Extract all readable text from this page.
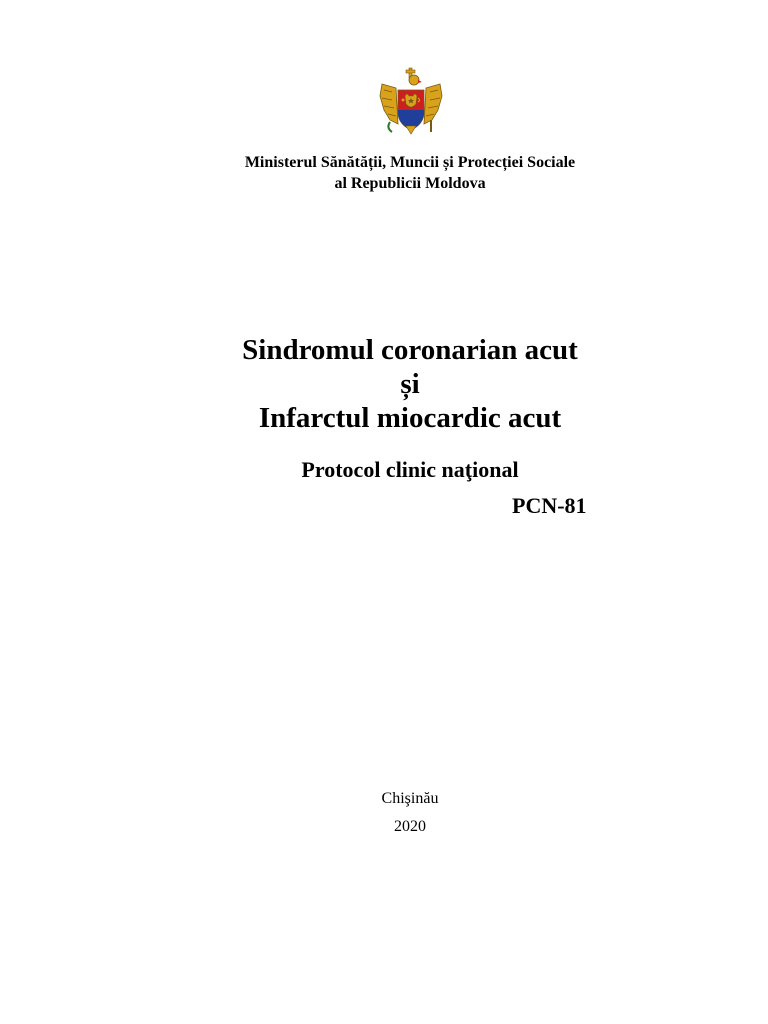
Ministerul Sănătății, Muncii și Protecției Sociale
al Republicii Moldova
Sindromul coronarian acut
și
Infarctul miocardic acut
Protocol clinic naţional
PCN-81
Chişinău
2020
